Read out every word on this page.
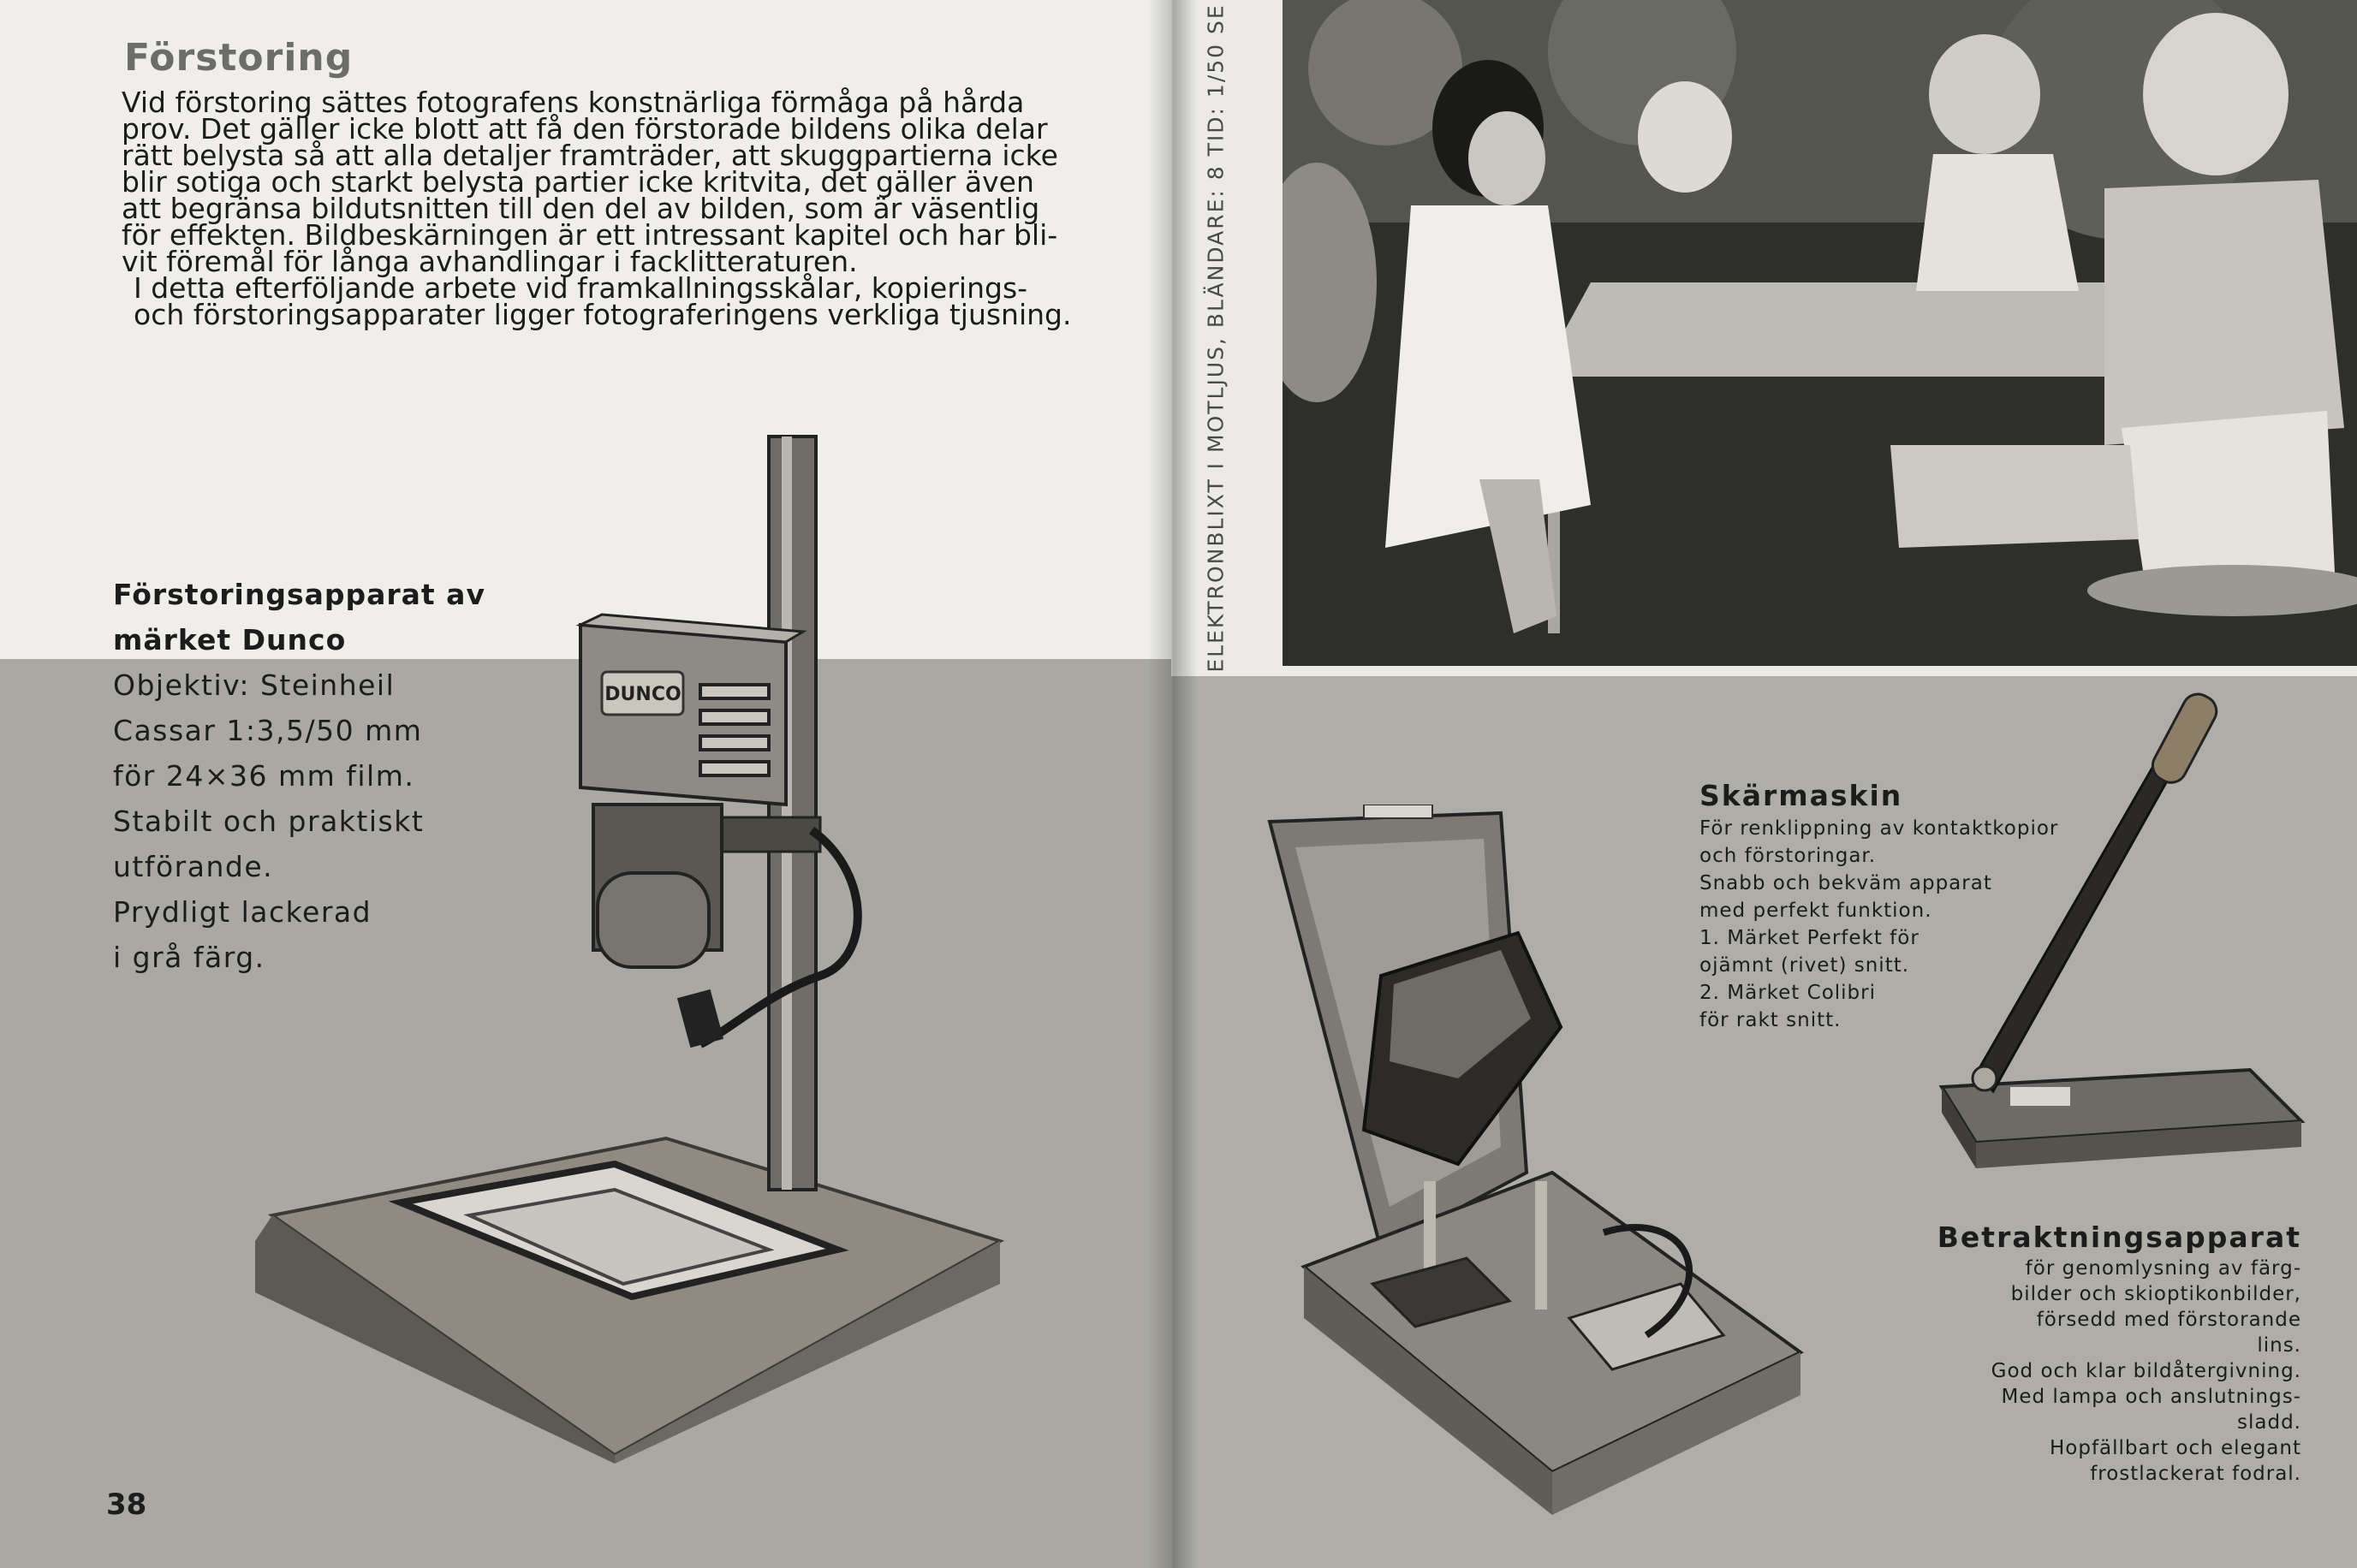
Förstoring

Vid förstoring sättes fotografens konstnärliga förmåga på hårda
prov. Det gäller icke blott att få den förstorade bildens olika delar
rätt belysta så att alla detaljer framträder, att skuggpartierna icke
blir sotiga och starkt belysta partier icke kritvita, det gäller även
att begränsa bildutsnitten till den del av bilden, som är väsentlig
för effekten. Bildbeskärningen är ett intressant kapitel och har bli-
vit föremål för långa avhandlingar i facklitteraturen.

I detta efterföljande arbete vid framkallningsskålar, kopierings-
och förstoringsapparater ligger fotograferingens verkliga tjusning.

Förstoringsapparat av
märket Dunco
Objektiv: Steinheil
Cassar 1:3,5/50 mm
för 24×36 mm film.
Stabilt och praktiskt
utförande.
Prydligt lackerad
i grå färg.
DUNCO
38
ELEKTRONBLIXT I MOTLJUS, BLÄNDARE: 8 TID: 1/50 SE
Skärmaskin
För renklippning av kontaktkopior
och förstoringar.
Snabb och bekväm apparat
med perfekt funktion.
1. Märket Perfekt för
ojämnt (rivet) snitt.
2. Märket Colibri
för rakt snitt.
Betraktningsapparat
för genomlysning av färg-
bilder och skioptikonbilder,
försedd med förstorande
lins.
God och klar bildåtergivning.
Med lampa och anslutnings-
sladd.
Hopfällbart och elegant
frostlackerat fodral.
